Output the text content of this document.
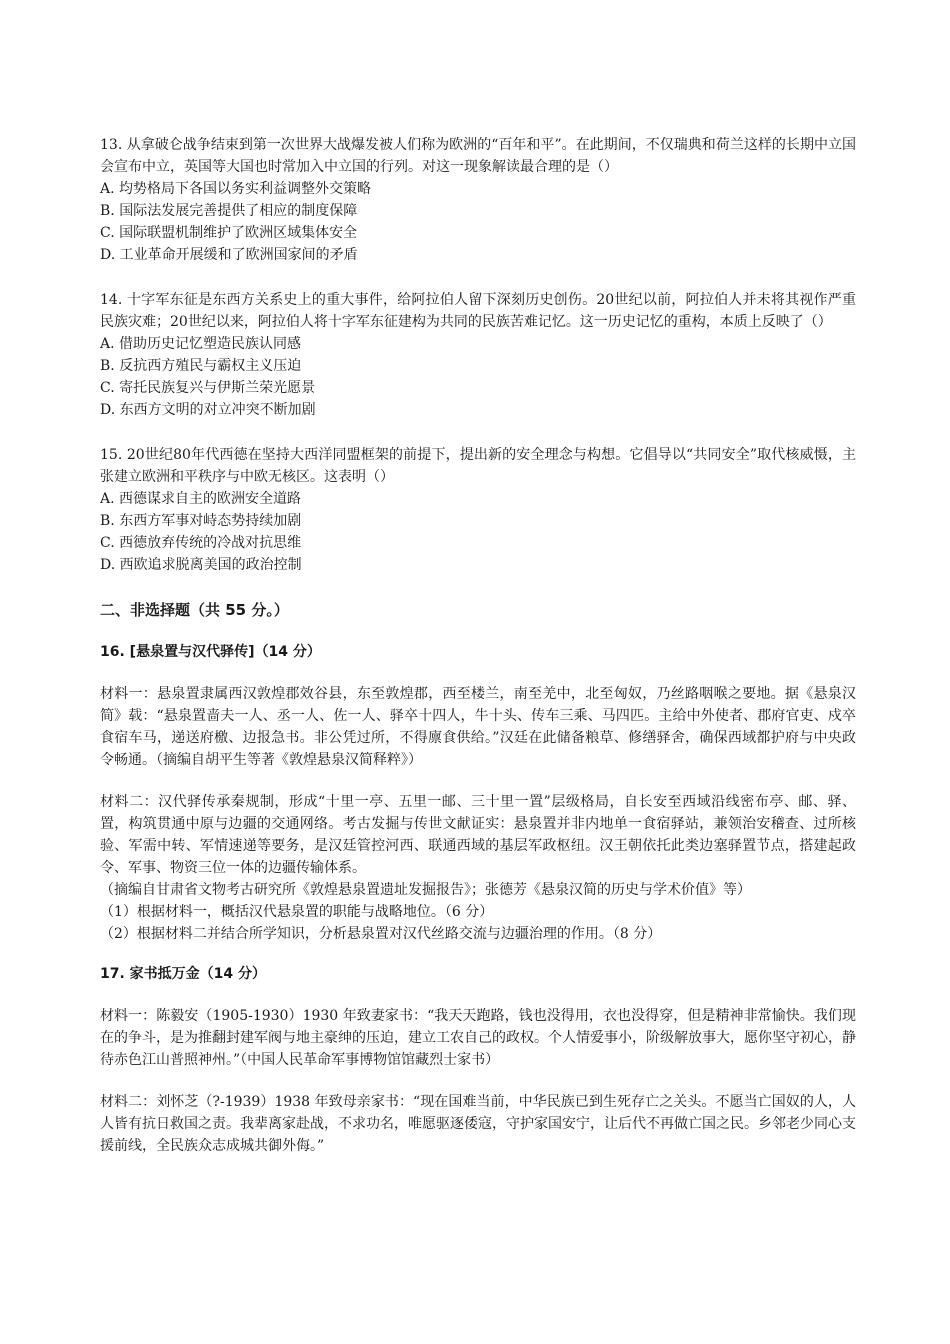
13. 从拿破仑战争结束到第一次世界大战爆发被人们称为欧洲的“百年和平”。在此期间，不仅瑞典和荷兰这样的长期中立国会宣布中立，英国等大国也时常加入中立国的行列。对这一现象解读最合理的是（）

A. 均势格局下各国以务实利益调整外交策略

B. 国际法发展完善提供了相应的制度保障

C. 国际联盟机制维护了欧洲区域集体安全

D. 工业革命开展缓和了欧洲国家间的矛盾

14. 十字军东征是东西方关系史上的重大事件，给阿拉伯人留下深刻历史创伤。20世纪以前，阿拉伯人并未将其视作严重民族灾难；20世纪以来，阿拉伯人将十字军东征建构为共同的民族苦难记忆。这一历史记忆的重构，本质上反映了（）

A. 借助历史记忆塑造民族认同感

B. 反抗西方殖民与霸权主义压迫

C. 寄托民族复兴与伊斯兰荣光愿景

D. 东西方文明的对立冲突不断加剧

15. 20世纪80年代西德在坚持大西洋同盟框架的前提下，提出新的安全理念与构想。它倡导以“共同安全”取代核威慑，主张建立欧洲和平秩序与中欧无核区。这表明（）

A. 西德谋求自主的欧洲安全道路

B. 东西方军事对峙态势持续加剧

C. 西德放弃传统的冷战对抗思维

D. 西欧追求脱离美国的政治控制

二、非选择题（共 55 分。）
16. [悬泉置与汉代驿传]（14 分）

材料一：悬泉置隶属西汉敦煌郡效谷县，东至敦煌郡，西至楼兰，南至羌中，北至匈奴，乃丝路咽喉之要地。据《悬泉汉简》载：“悬泉置啬夫一人、丞一人、佐一人、驿卒十四人，牛十头、传车三乘、马四匹。主给中外使者、郡府官吏、戍卒食宿车马，递送府檄、边报急书。非公凭过所，不得廪食供给。”汉廷在此储备粮草、修缮驿舍，确保西域都护府与中央政令畅通。（摘编自胡平生等著《敦煌悬泉汉简释粹》）

材料二：汉代驿传承秦规制，形成“十里一亭、五里一邮、三十里一置”层级格局，自长安至西域沿线密布亭、邮、驿、置，构筑贯通中原与边疆的交通网络。考古发掘与传世文献证实：悬泉置并非内地单一食宿驿站，兼领治安稽查、过所核验、军需中转、军情速递等要务，是汉廷管控河西、联通西域的基层军政枢纽。汉王朝依托此类边塞驿置节点，搭建起政令、军事、物资三位一体的边疆传输体系。

（摘编自甘肃省文物考古研究所《敦煌悬泉置遗址发掘报告》；张德芳《悬泉汉简的历史与学术价值》等）

（1）根据材料一，概括汉代悬泉置的职能与战略地位。（6 分）

（2）根据材料二并结合所学知识，分析悬泉置对汉代丝路交流与边疆治理的作用。（8 分）

17. 家书抵万金（14 分）

材料一：陈毅安（1905-1930）1930 年致妻家书：“我天天跑路，钱也没得用，衣也没得穿，但是精神非常愉快。我们现在的争斗，是为推翻封建军阀与地主豪绅的压迫，建立工农自己的政权。个人情爱事小，阶级解放事大，愿你坚守初心，静待赤色江山普照神州。”（中国人民革命军事博物馆馆藏烈士家书）

材料二：刘怀芝（?-1939）1938 年致母亲家书：“现在国难当前，中华民族已到生死存亡之关头。不愿当亡国奴的人，人人皆有抗日救国之责。我辈离家赴战，不求功名，唯愿驱逐倭寇，守护家国安宁，让后代不再做亡国之民。乡邻老少同心支援前线，全民族众志成城共御外侮。”
